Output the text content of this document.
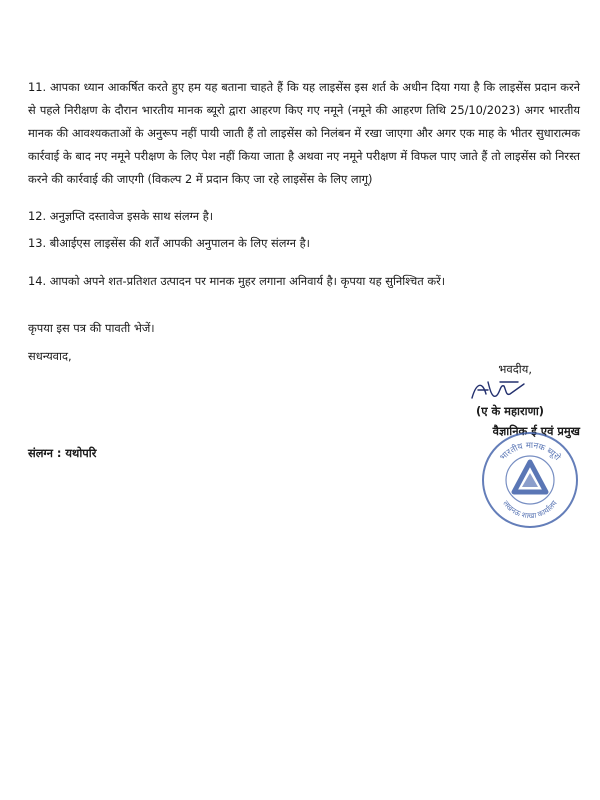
11. आपका ध्यान आकर्षित करते हुए हम यह बताना चाहते हैं कि यह लाइसेंस इस शर्त के अधीन दिया गया है कि लाइसेंस प्रदान करने से पहले निरीक्षण के दौरान भारतीय मानक ब्यूरो द्वारा आहरण किए गए नमूने (नमूने की आहरण तिथि 25/10/2023) अगर भारतीय मानक की आवश्यकताओं के अनुरूप नहीं पायी जाती हैं तो लाइसेंस को निलंबन में रखा जाएगा और अगर एक माह के भीतर सुधारात्मक कार्रवाई के बाद नए नमूने परीक्षण के लिए पेश नहीं किया जाता है अथवा नए नमूने परीक्षण में विफल पाए जाते हैं तो लाइसेंस को निरस्त करने की कार्रवाई की जाएगी (विकल्प 2 में प्रदान किए जा रहे लाइसेंस के लिए लागू)

12. अनुज्ञप्ति दस्तावेज इसके साथ संलग्न है।

13. बीआईएस लाइसेंस की शर्तें आपकी अनुपालन के लिए संलग्न है।

14. आपको अपने शत-प्रतिशत उत्पादन पर मानक मुहर लगाना अनिवार्य है। कृपया यह सुनिश्चित करें।

कृपया इस पत्र की पावती भेजें।

सधन्यवाद,

भवदीय,
(ए के महाराणा)
वैज्ञानिक ई एवं प्रमुख
संलग्न : यथोपरि	भारतीय मानक ब्यूरो
लखनऊ शाखा कार्यालय
